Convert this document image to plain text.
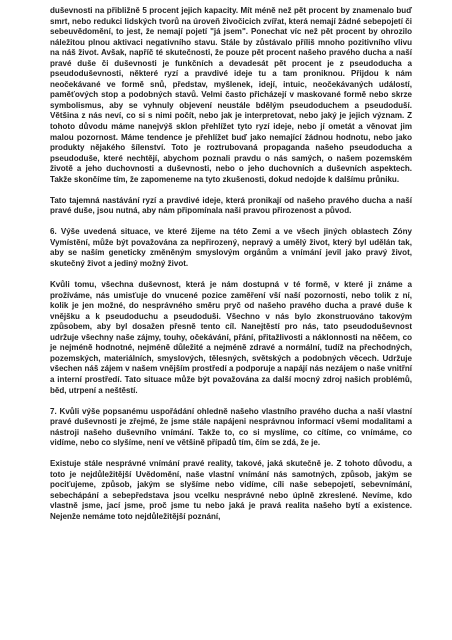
duševnosti na přibližně 5 procent jejich kapacity. Mít méně než pět procent by znamenalo buď smrt, nebo redukci lidských tvorů na úroveň živočicich zvířat, která nemají žádné sebepojetí či sebeuvědomění, to jest, že nemají pojetí "já jsem". Ponechat víc než pět procent by ohrozilo náležitou plnou aktivaci negativního stavu. Stále by zůstávalo příliš mnoho pozitivního vlivu na náš život. Avšak, napříč té skutečnosti, že pouze pět procent našeho pravého ducha a naší pravé duše či duševnosti je funkčních a devadesát pět procent je z pseudoducha a pseudoduševnosti, některé ryzí a pravdivé ideje tu a tam proniknou. Přijdou k nám neočekávané ve formě snů, představ, myšlenek, idejí, intuic, neočekávaných událostí, paměťových stop a podobných stavů. Velmi často přicházejí v maskované formě nebo skrze symbolismus, aby se vyhnuly objevení neustále bdělým pseudoduchem a pseudoduší. Většina z nás neví, co si s nimi počít, nebo jak je interpretovat, nebo jaký je jejich význam. Z tohoto důvodu máme nanejvýš sklon přehlížet tyto ryzí ideje, nebo jí ometát a věnovat jim malou pozornost. Máme tendence je přehlížet buď jako nemající žádnou hodnotu, nebo jako produkty nějakého šílenství. Toto je roztrubovaná propaganda našeho pseudoducha a pseudoduše, které nechtějí, abychom poznali pravdu o nás samých, o našem pozemském životě a jeho duchovnosti a duševnosti, nebo o jeho duchovních a duševních aspektech. Takže skončíme tím, že zapomeneme na tyto zkušenosti, dokud nedojde k dalšímu průniku.

Tato tajemná nastávání ryzí a pravdivé ideje, která pronikají od našeho pravého ducha a naší pravé duše, jsou nutná, aby nám připomínala naši pravou přirozenost a původ.

6. Výše uvedená situace, ve které žijeme na této Zemi a ve všech jiných oblastech Zóny Vymístění, může být považována za nepřirozený, nepravý a umělý život, který byl udělán tak, aby se naším geneticky změněným smyslovým orgánům a vnímání jevil jako pravý život, skutečný život a jediný možný život.

Kvůli tomu, všechna duševnost, která je nám dostupná v té formě, v které ji známe a prožíváme, nás umisťuje do vnucené pozice zaměření vší naší pozornosti, nebo tolik z ní, kolik je jen možné, do nesprávného směru pryč od našeho pravého ducha a pravé duše k vnějšku a k pseudoduchu a pseudoduši. Všechno v nás bylo zkonstruováno takovým způsobem, aby byl dosažen přesně tento cíl. Nanejtěstí pro nás, tato pseudoduševnost udržuje všechny naše zájmy, touhy, očekávání, přání, přitažlivosti a náklonnosti na něčem, co je nejméně hodnotné, nejméně důležité a nejméně zdravé a normální, tudíž na přechodných, pozemských, materiálních, smyslových, tělesných, světských a podobných věcech. Udržuje všechen náš zájem v našem vnějším prostředí a podporuje a napájí nás nezájem o naše vnitřní a interní prostředí. Tato situace může být považována za další mocný zdroj našich problémů, běd, utrpení a neštěstí.

7. Kvůli výše popsanému uspořádání ohledně našeho vlastního pravého ducha a naší vlastní pravé duševnosti je zřejmé, že jsme stále napájeni nesprávnou informací všemi modalitami a nástroji našeho duševního vnímání. Takže to, co si myslíme, co cítíme, co vnímáme, co vidíme, nebo co slyšíme, není ve většině případů tím, čím se zdá, že je.

Existuje stále nesprávné vnímání pravé reality, takové, jaká skutečně je. Z tohoto důvodu, a toto je nejdůležitější Uvědomění, naše vlastní vnímání nás samotných, způsob, jakým se pociťujeme, způsob, jakým se slyšíme nebo vidíme, cíli naše sebepojetí, sebevnímání, sebechápání a sebepředstava jsou vcelku nesprávné nebo úplně zkreslené. Nevíme, kdo vlastně jsme, jací jsme, proč jsme tu nebo jaká je pravá realita našeho bytí a existence. Nejenže nemáme toto nejdůležitější poznání,
